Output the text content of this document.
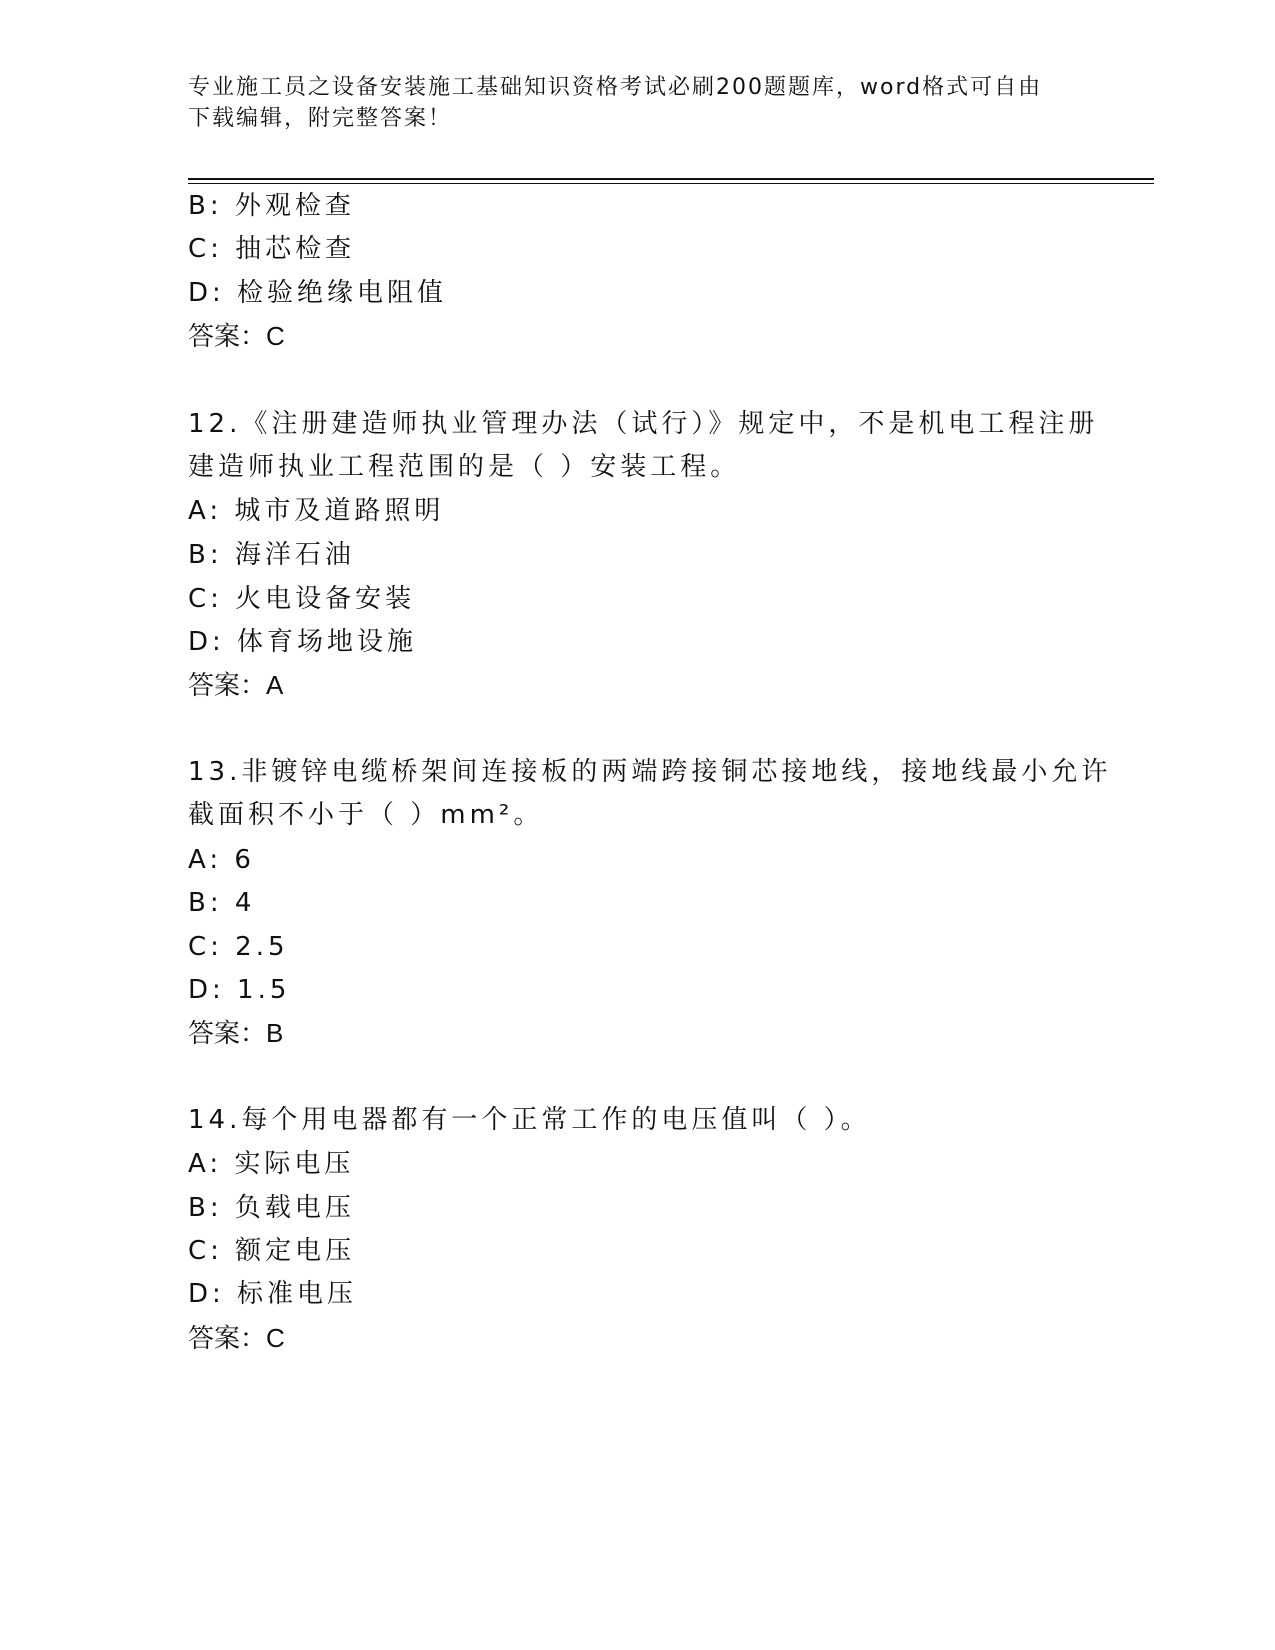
专业施工员之设备安装施工基础知识资格考试必刷200题题库，word格式可自由
下载编辑，附完整答案！
B: 外观检查
C: 抽芯检查
D: 检验绝缘电阻值
答案：C
12.《注册建造师执业管理办法（试行）》规定中，不是机电工程注册
建造师执业工程范围的是（ ）安装工程。
A: 城市及道路照明
B: 海洋石油
C: 火电设备安装
D: 体育场地设施
答案：A
13.非镀锌电缆桥架间连接板的两端跨接铜芯接地线，接地线最小允许
截面积不小于（ ）mm²。
A: 6
B: 4
C: 2.5
D: 1.5
答案：B
14.每个用电器都有一个正常工作的电压值叫（ ）。
A: 实际电压
B: 负载电压
C: 额定电压
D: 标准电压
答案：C
